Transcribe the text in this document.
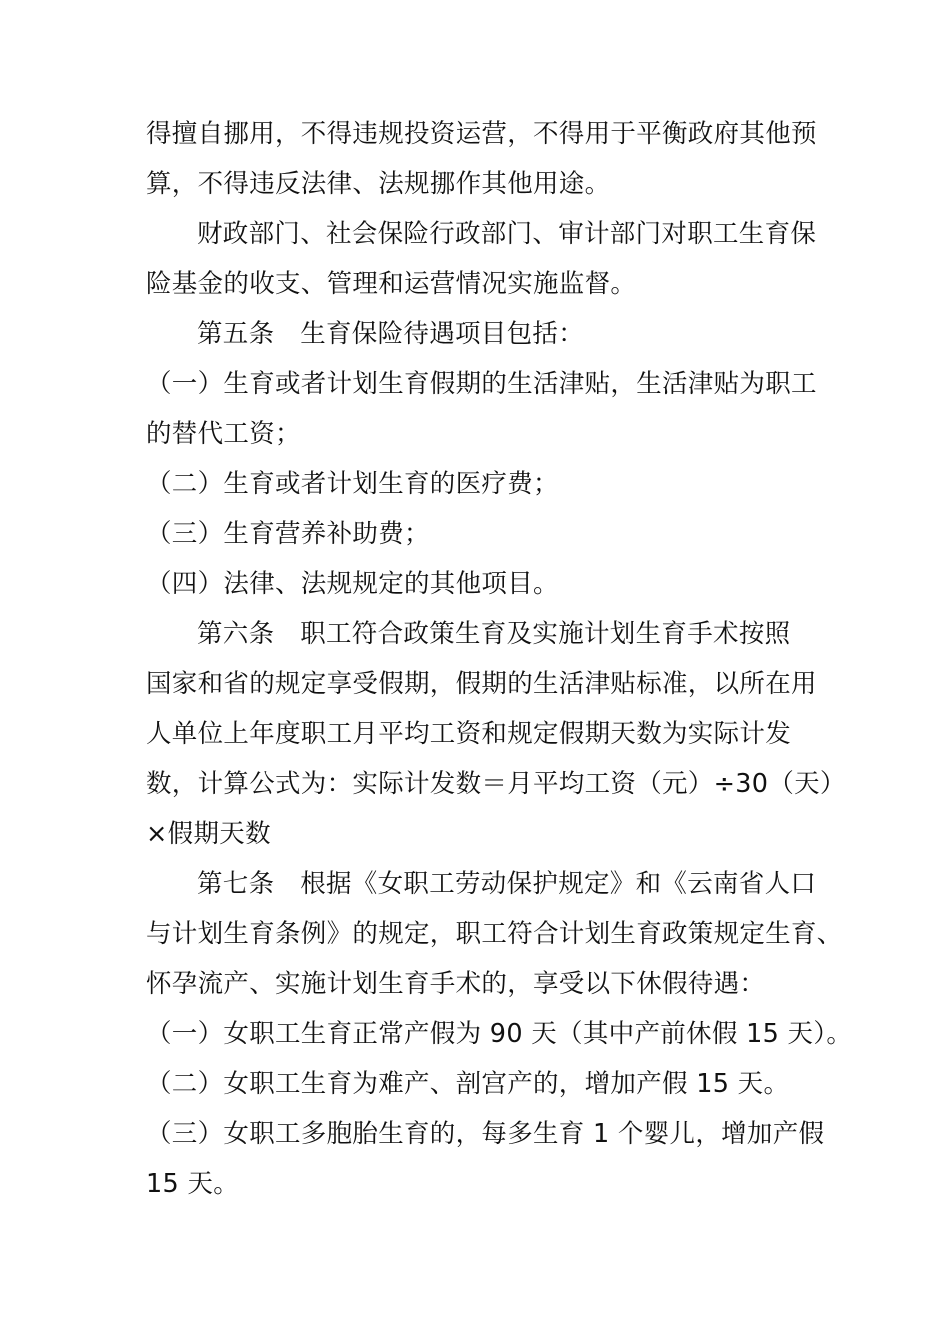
得擅自挪用，不得违规投资运营，不得用于平衡政府其他预
算，不得违反法律、法规挪作其他用途。
财政部门、社会保险行政部门、审计部门对职工生育保
险基金的收支、管理和运营情况实施监督。
第五条　生育保险待遇项目包括：
（一）生育或者计划生育假期的生活津贴，生活津贴为职工
的替代工资；
（二）生育或者计划生育的医疗费；
（三）生育营养补助费；
（四）法律、法规规定的其他项目。
第六条　职工符合政策生育及实施计划生育手术按照
国家和省的规定享受假期，假期的生活津贴标准，以所在用
人单位上年度职工月平均工资和规定假期天数为实际计发
数，计算公式为：实际计发数＝月平均工资（元）÷30（天）
×假期天数
第七条　根据《女职工劳动保护规定》和《云南省人口
与计划生育条例》的规定，职工符合计划生育政策规定生育、
怀孕流产、实施计划生育手术的，享受以下休假待遇：
（一）女职工生育正常产假为 90 天（其中产前休假 15 天）。
（二）女职工生育为难产、剖宫产的，增加产假 15 天。
（三）女职工多胞胎生育的，每多生育 1 个婴儿，增加产假
15 天。
